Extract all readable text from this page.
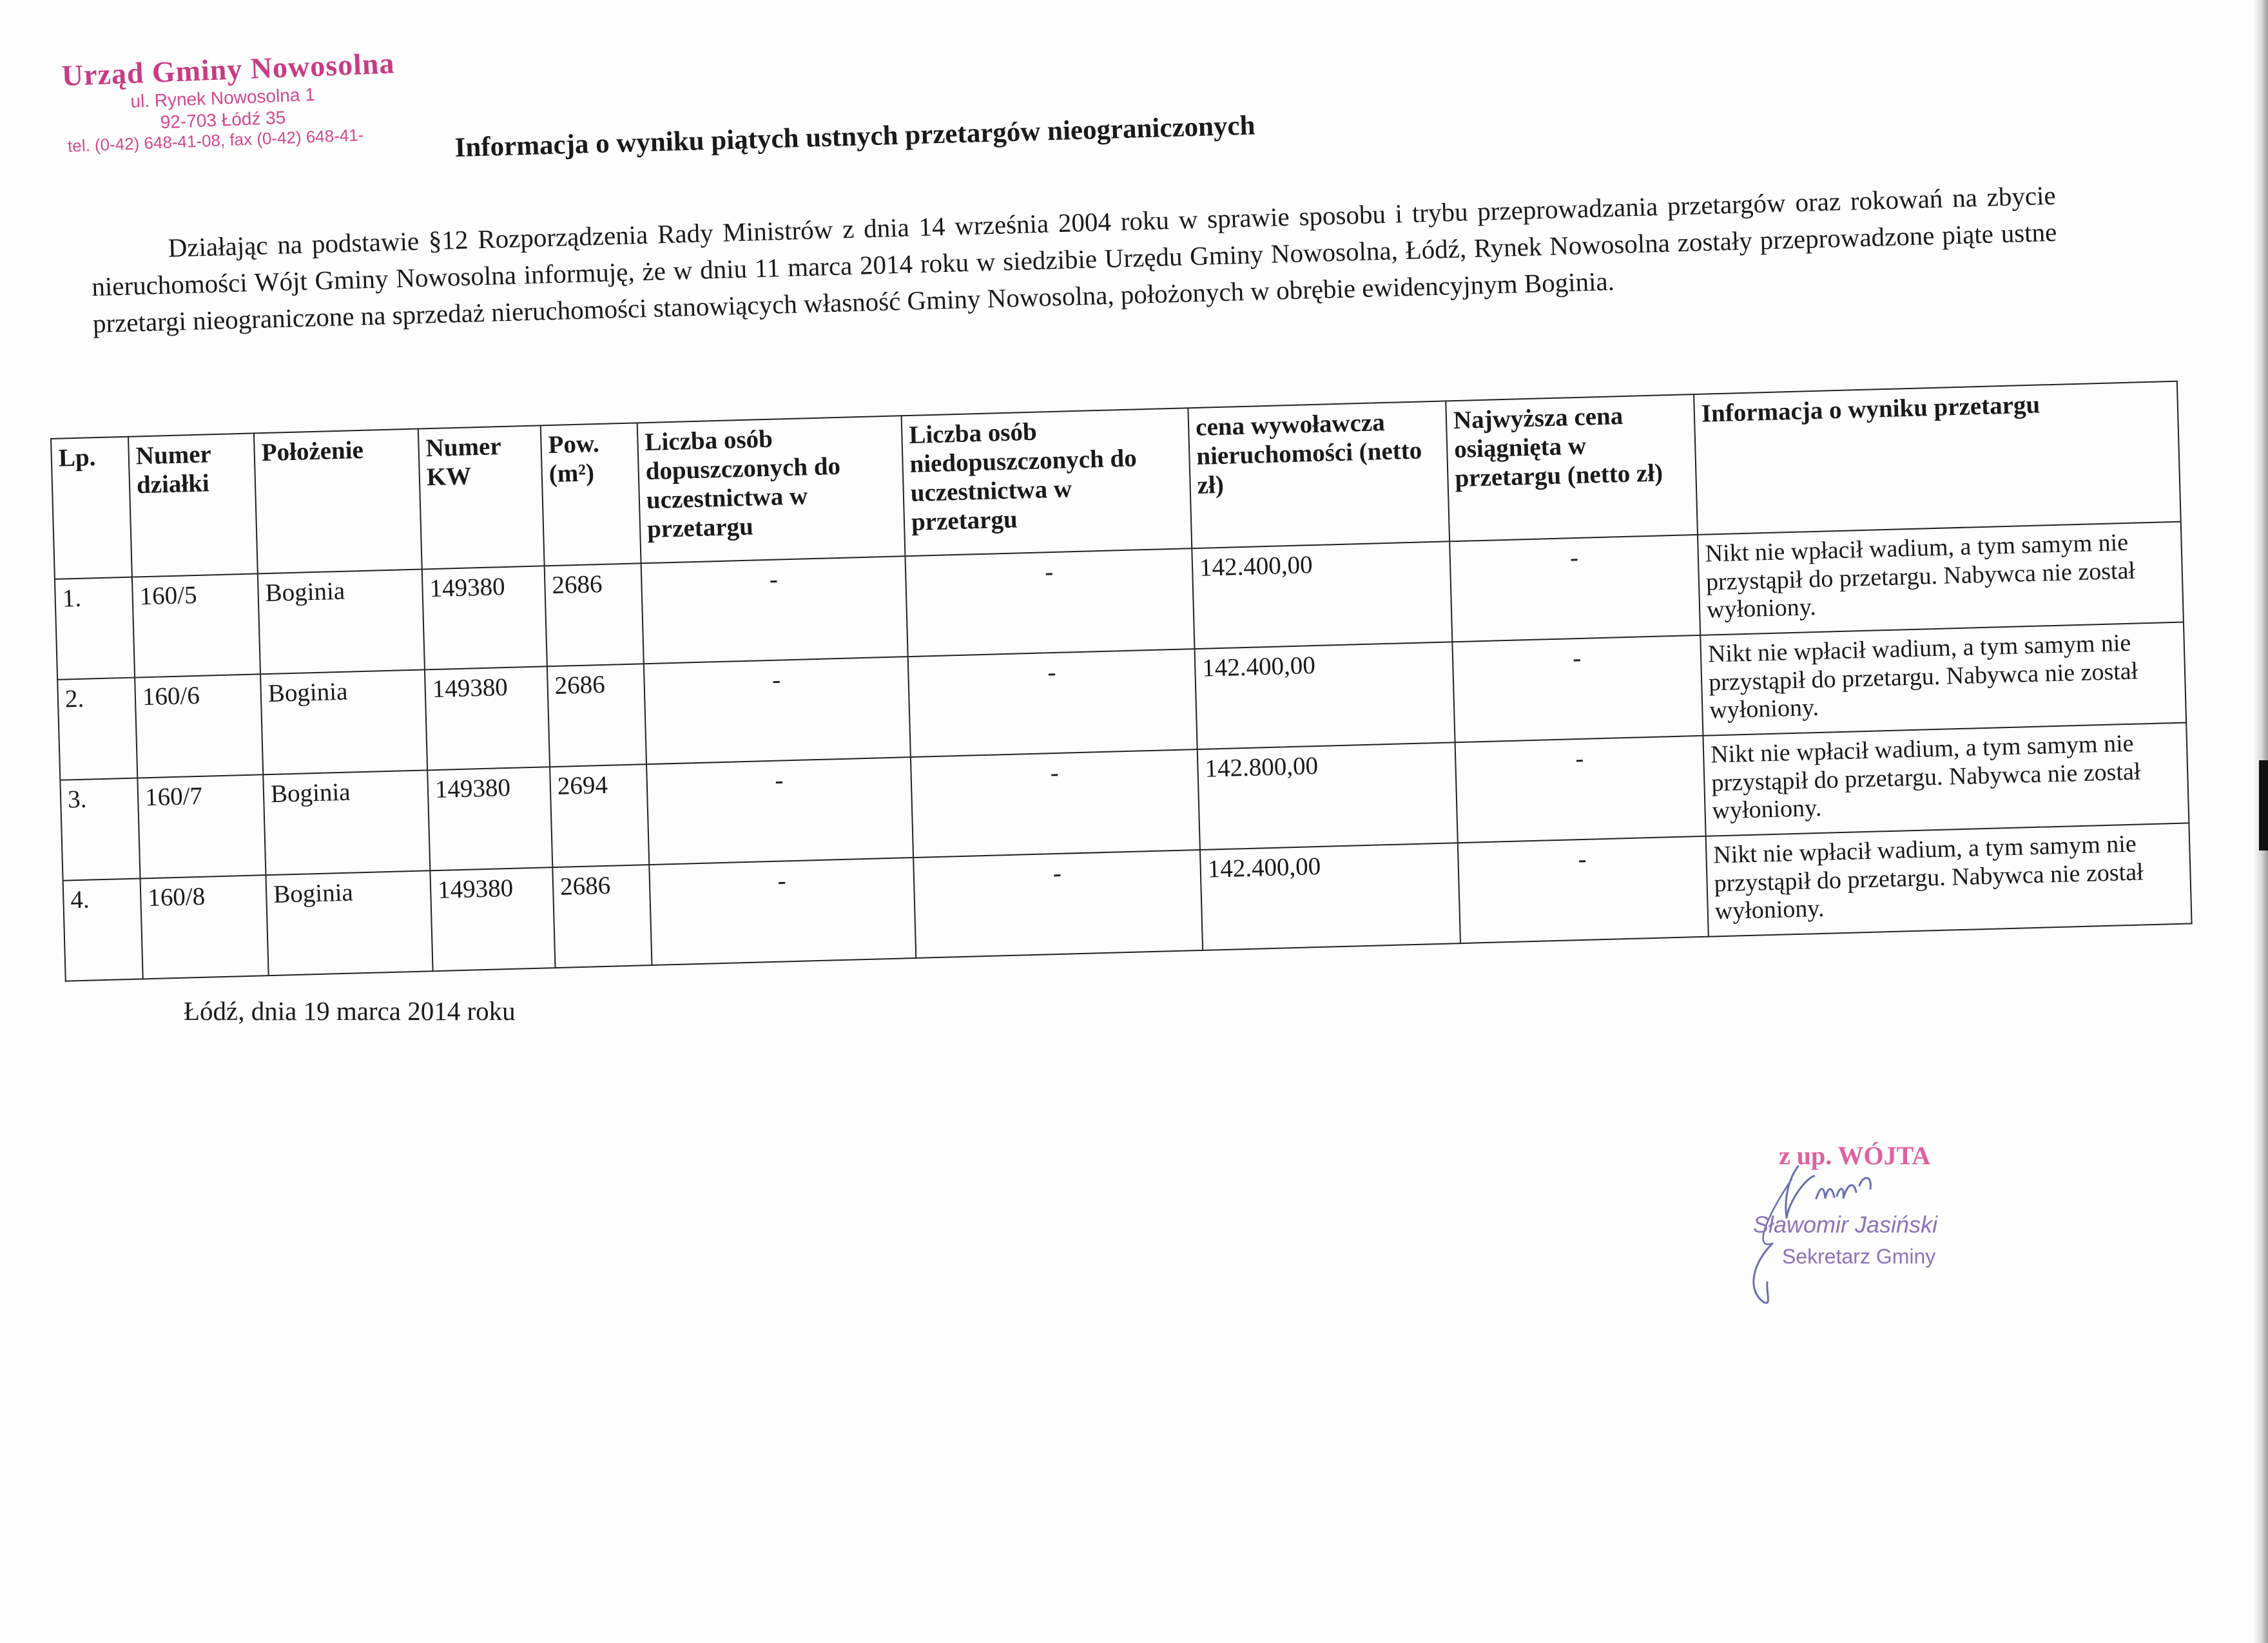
Urząd Gminy Nowosolna
ul. Rynek Nowosolna 1
92-703 Łódź 35
tel. (0-42) 648-41-08, fax (0-42) 648-41-	Informacja o wyniku piątych ustnych przetargów nieograniczonych
Działając na podstawie §12 Rozporządzenia Rady Ministrów z dnia 14 września 2004 roku w sprawie sposobu i trybu przeprowadzania przetargów oraz rokowań na zbycie nieruchomości Wójt Gminy Nowosolna informuję, że w dniu 11 marca 2014 roku w siedzibie Urzędu Gminy Nowosolna, Łódź, Rynek Nowosolna zostały przeprowadzone piąte ustne przetargi nieograniczone na sprzedaż nieruchomości stanowiących własność Gminy Nowosolna, położonych w obrębie ewidencyjnym Boginia.
Lp.	Numer działki	Położenie	Numer KW	Pow. (m²)	Liczba osób dopuszczonych do uczestnictwa w przetargu	Liczba osób niedopuszczonych do uczestnictwa w przetargu	cena wywoławcza nieruchomości (netto zł)	Najwyższa cena osiągnięta w przetargu (netto zł)	Informacja o wyniku przetargu
1.	160/5	Boginia	149380	2686	-	-	142.400,00	-	Nikt nie wpłacił wadium, a tym samym nie przystąpił do przetargu. Nabywca nie został wyłoniony.
2.	160/6	Boginia	149380	2686	-	-	142.400,00	-	Nikt nie wpłacił wadium, a tym samym nie przystąpił do przetargu. Nabywca nie został wyłoniony.
3.	160/7	Boginia	149380	2694	-	-	142.800,00	-	Nikt nie wpłacił wadium, a tym samym nie przystąpił do przetargu. Nabywca nie został wyłoniony.
4.	160/8	Boginia	149380	2686	-	-	142.400,00	-	Nikt nie wpłacił wadium, a tym samym nie przystąpił do przetargu. Nabywca nie został wyłoniony.
Łódź, dnia 19 marca 2014 roku
z up. WÓJTA
Sławomir Jasiński
Sekretarz Gminy
